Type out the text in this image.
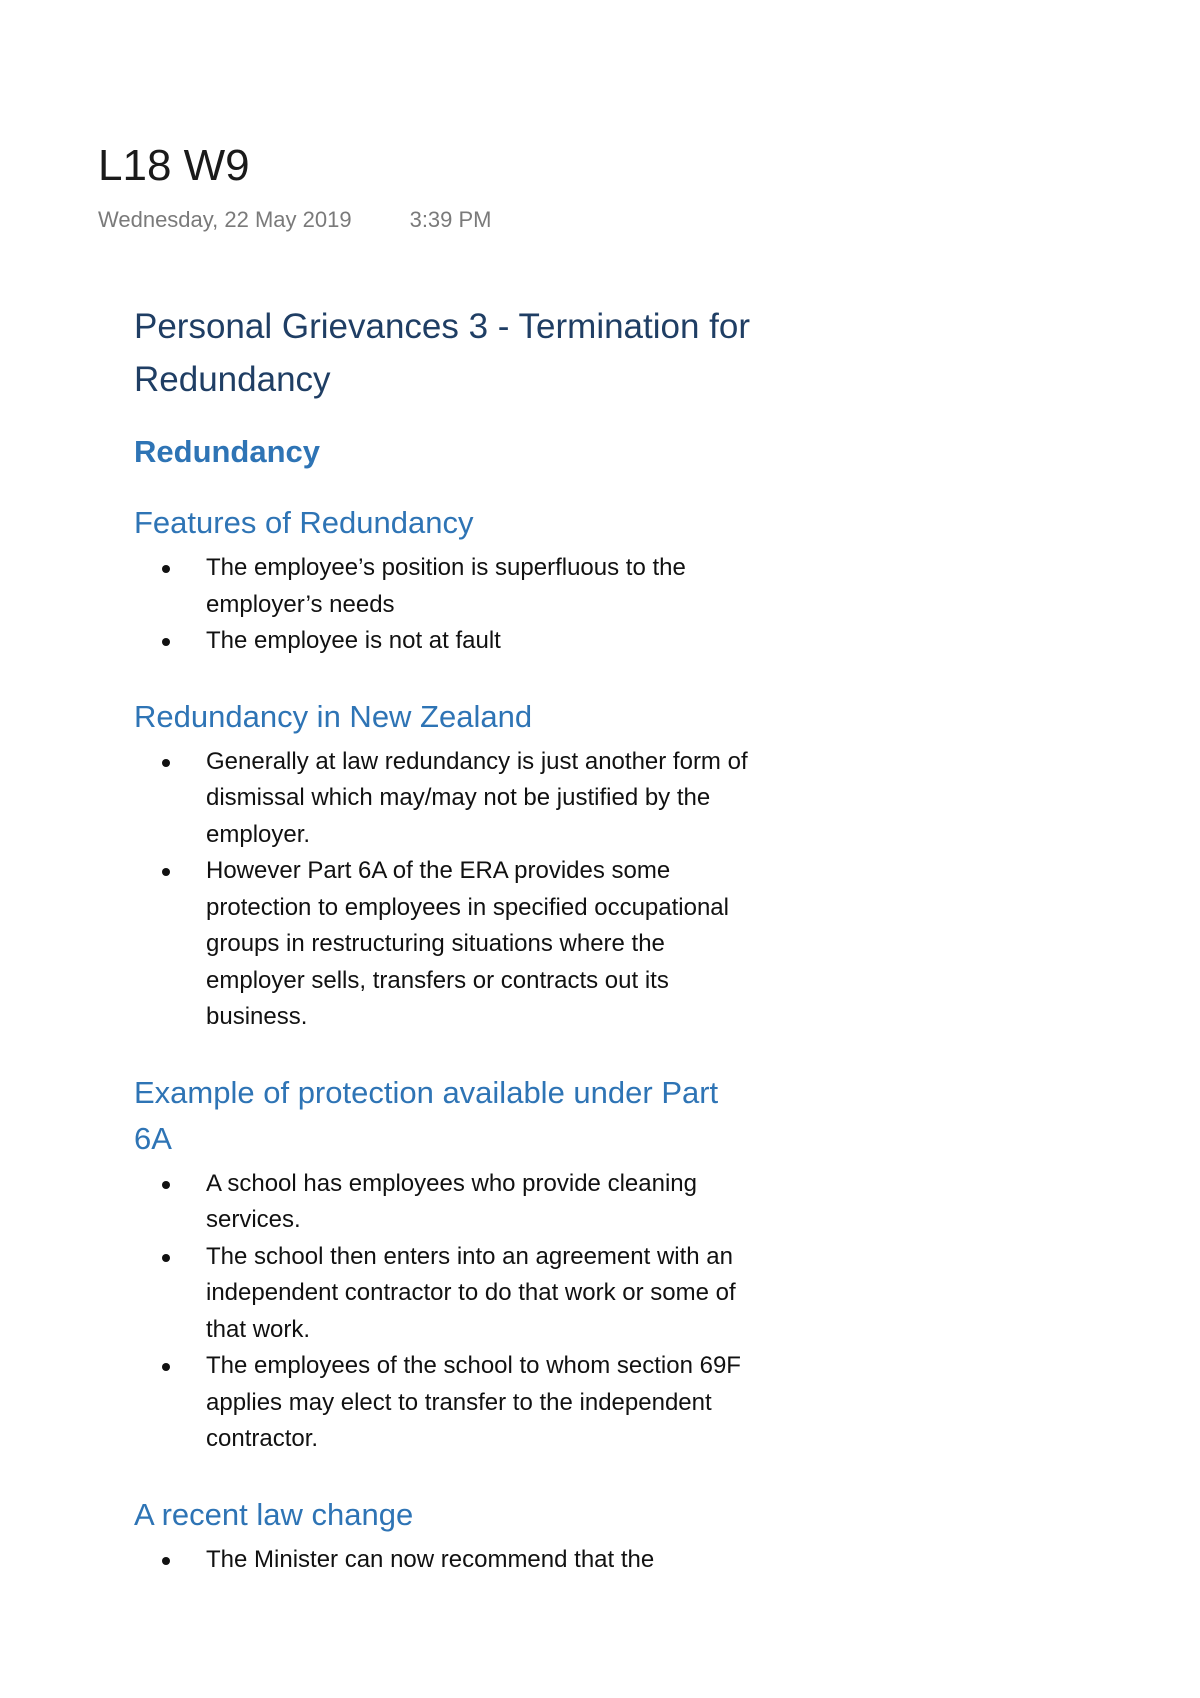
L18 W9
Wednesday, 22 May 2019	3:39 PM
Personal Grievances 3 - Termination for Redundancy
Redundancy
Features of Redundancy
The employee’s position is superfluous to the employer’s needs
The employee is not at fault
Redundancy in New Zealand
Generally at law redundancy is just another form of dismissal which may/may not be justified by the employer.
However Part 6A of the ERA provides some protection to employees in specified occupational groups in restructuring situations where the employer sells, transfers or contracts out its business.
Example of protection available under Part 6A
A school has employees who provide cleaning services.
The school then enters into an agreement with an independent contractor to do that work or some of that work.
The employees of the school to whom section 69F applies may elect to transfer to the independent contractor.
A recent law change
The Minister can now recommend that the
